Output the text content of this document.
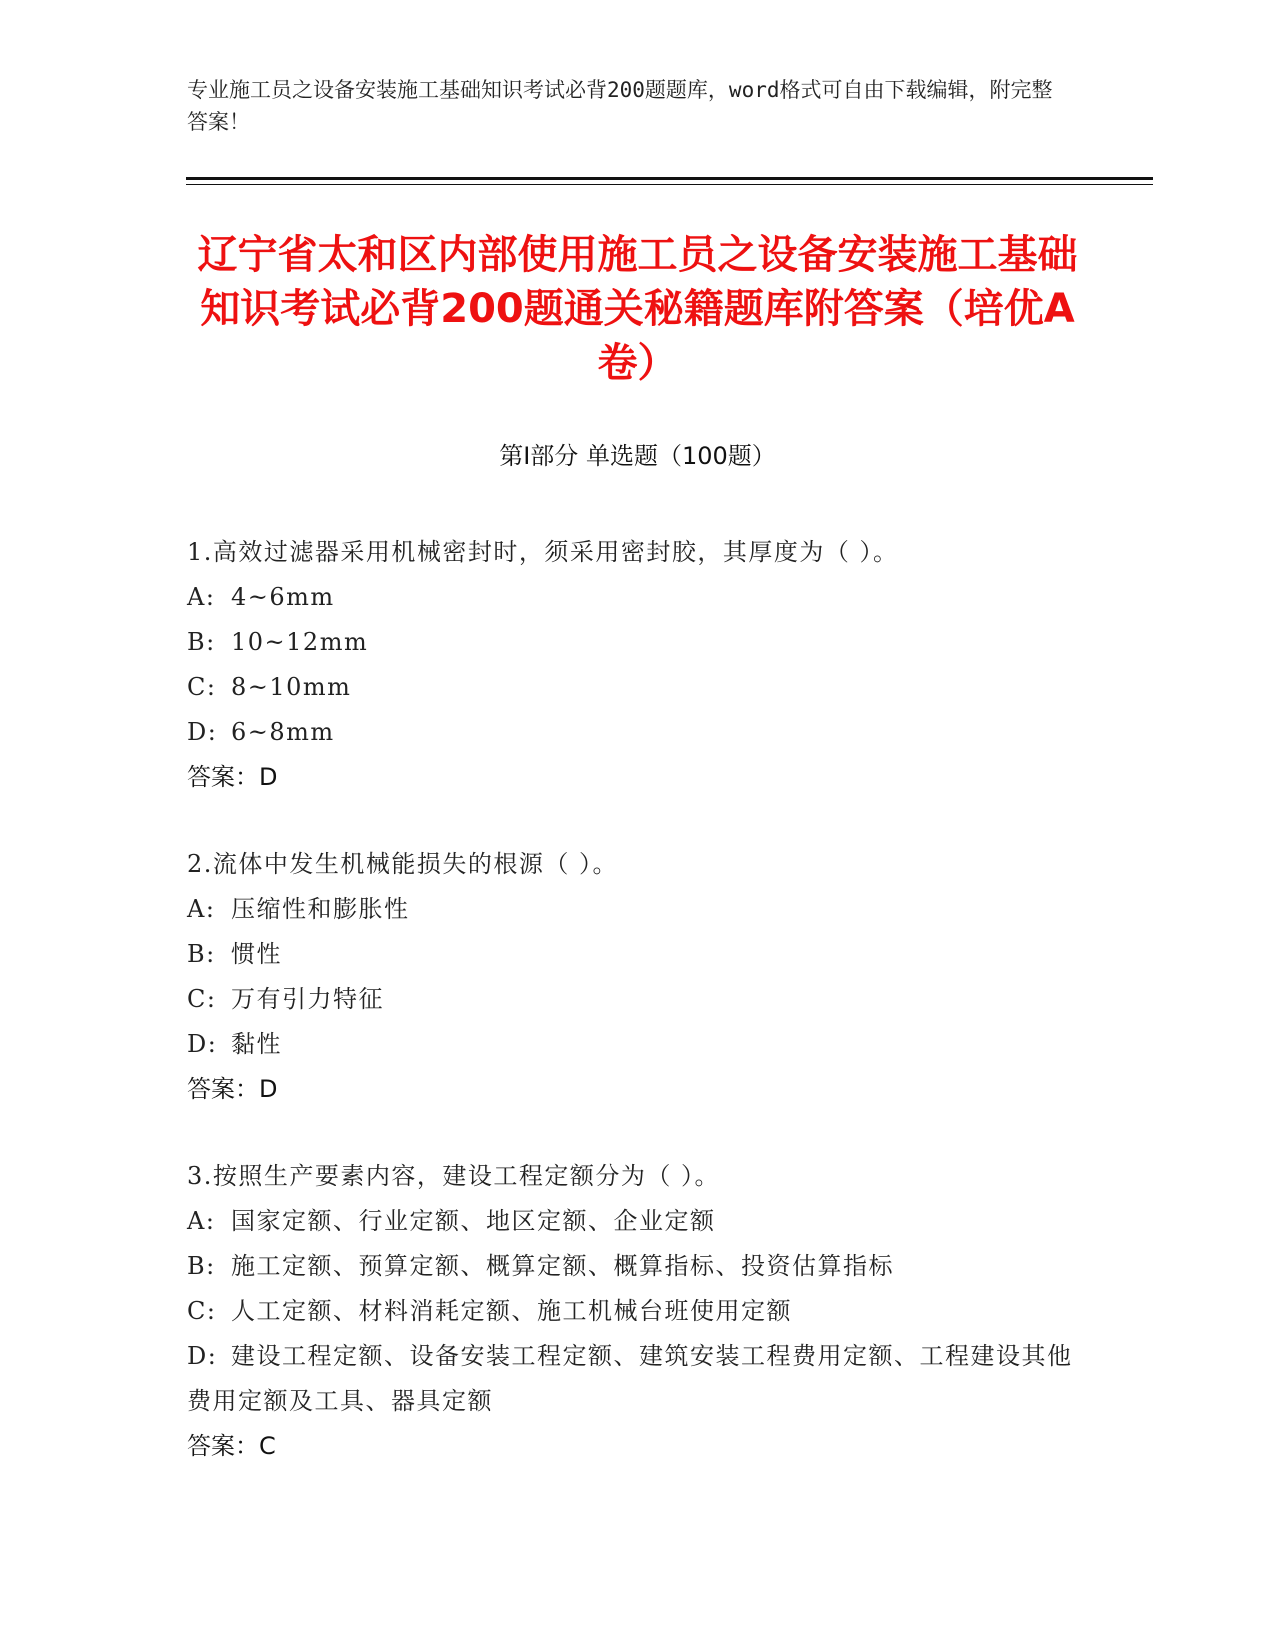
专业施工员之设备安装施工基础知识考试必背200题题库，word格式可自由下载编辑，附完整答案！
辽宁省太和区内部使用施工员之设备安装施工基础知识考试必背200题通关秘籍题库附答案（培优A卷）
第I部分 单选题（100题）
1.高效过滤器采用机械密封时，须采用密封胶，其厚度为（ ）。
A: 4~6mm
B: 10~12mm
C: 8~10mm
D: 6~8mm
答案：D
2.流体中发生机械能损失的根源（ ）。
A: 压缩性和膨胀性
B: 惯性
C: 万有引力特征
D: 黏性
答案：D
3.按照生产要素内容，建设工程定额分为（ ）。
A: 国家定额、行业定额、地区定额、企业定额
B: 施工定额、预算定额、概算定额、概算指标、投资估算指标
C: 人工定额、材料消耗定额、施工机械台班使用定额
D: 建设工程定额、设备安装工程定额、建筑安装工程费用定额、工程建设其他费用定额及工具、器具定额
答案：C
